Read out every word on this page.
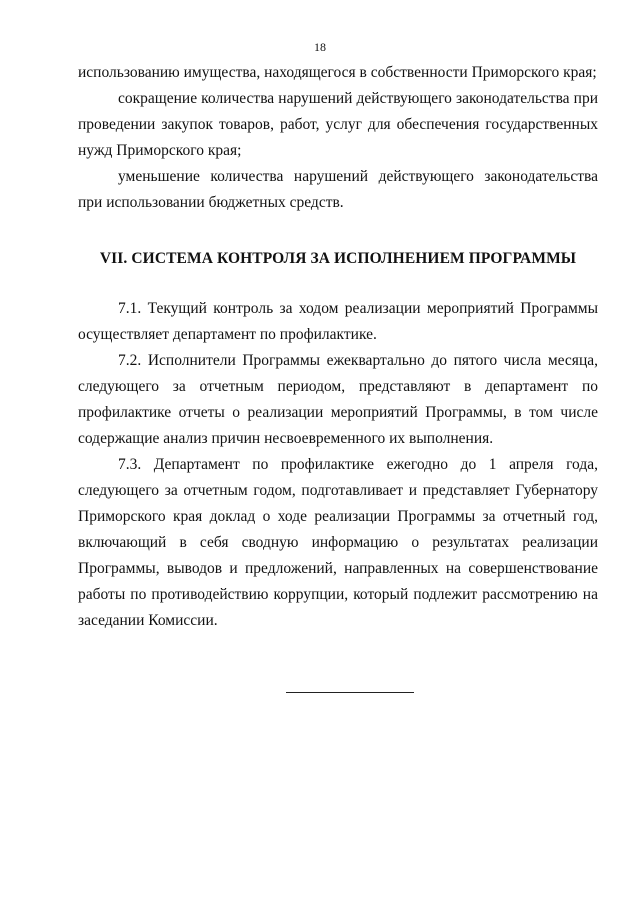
18

использованию имущества, находящегося в собственности Приморского края;

сокращение количества нарушений действующего законодательства при проведении закупок товаров, работ, услуг для обеспечения государственных нужд Приморского края;

уменьшение количества нарушений действующего законодательства при использовании бюджетных средств.

VII. СИСТЕМА КОНТРОЛЯ ЗА ИСПОЛНЕНИЕМ ПРОГРАММЫ

7.1. Текущий контроль за ходом реализации мероприятий Программы осуществляет департамент по профилактике.

7.2. Исполнители Программы ежеквартально до пятого числа месяца, следующего за отчетным периодом, представляют в департамент по профилактике отчеты о реализации мероприятий Программы, в том числе содержащие анализ причин несвоевременного их выполнения.

7.3. Департамент по профилактике ежегодно до 1 апреля года, следующего за отчетным годом, подготавливает и представляет Губернатору Приморского края доклад о ходе реализации Программы за отчетный год, включающий в себя сводную информацию о результатах реализации Программы, выводов и предложений, направленных на совершенствование работы по противодействию коррупции, который подлежит рассмотрению на заседании Комиссии.
